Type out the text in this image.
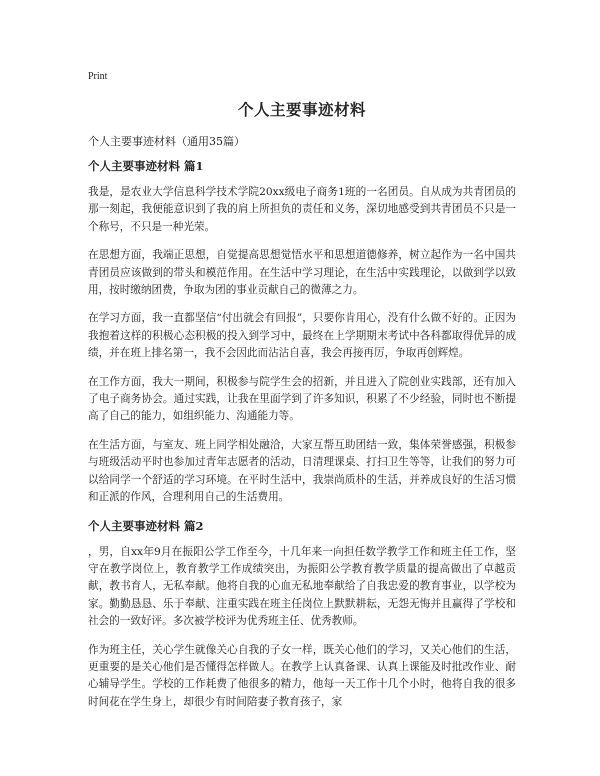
Print
个人主要事迹材料
个人主要事迹材料（通用35篇）
个人主要事迹材料 篇1

我是，是农业大学信息科学技术学院20xx级电子商务1班的一名团员。自从成为共青团员的那一刻起，我便能意识到了我的肩上所担负的责任和义务，深切地感受到共青团员不只是一个称号，不只是一种光荣。

在思想方面，我端正思想，自觉提高思想觉悟水平和思想道德修养，树立起作为一名中国共青团员应该做到的带头和模范作用。在生活中学习理论，在生活中实践理论，以做到学以致用，按时缴纳团费，争取为团的事业贡献自己的微薄之力。

在学习方面，我一直都坚信“付出就会有回报”，只要你肯用心，没有什么做不好的。正因为我抱着这样的积极心态积极的投入到学习中，最终在上学期期末考试中各科都取得优异的成绩，并在班上排名第一，我不会因此而沾沾自喜，我会再接再厉，争取再创辉煌。

在工作方面，我大一期间，积极参与院学生会的招新，并且进入了院创业实践部，还有加入了电子商务协会。通过实践，让我在里面学到了许多知识，积累了不少经验，同时也不断提高了自己的能力，如组织能力、沟通能力等。

在生活方面，与室友、班上同学相处融洽，大家互帮互助团结一致，集体荣誉感强，积极参与班级活动平时也参加过青年志愿者的活动，日清理课桌、打扫卫生等等，让我们的努力可以给同学一个舒适的学习环境。在平时生活中，我崇尚质朴的生活，并养成良好的生活习惯和正派的作风，合理利用自己的生活费用。

个人主要事迹材料 篇2

，男，自xx年9月在振阳公学工作至今，十几年来一向担任数学教学工作和班主任工作，坚守在教学岗位上，教育教学工作成绩突出，为振阳公学教育教学质量的提高做出了卓越贡献，教书育人，无私奉献。他将自我的心血无私地奉献给了自我忠爱的教育事业，以学校为家。勤勤恳恳、乐于奉献、注重实践在班主任岗位上默默耕耘，无怨无悔并且赢得了学校和社会的一致好评。多次被学校评为优秀班主任、优秀教师。

作为班主任，关心学生就像关心自我的子女一样，既关心他们的学习，又关心他们的生活，更重要的是关心他们是否懂得怎样做人。在教学上认真备课、认真上课能及时批改作业、耐心辅导学生。学校的工作耗费了他很多的精力，他每一天工作十几个小时，他将自我的很多时间花在学生身上，却很少有时间陪妻子教育孩子，家
